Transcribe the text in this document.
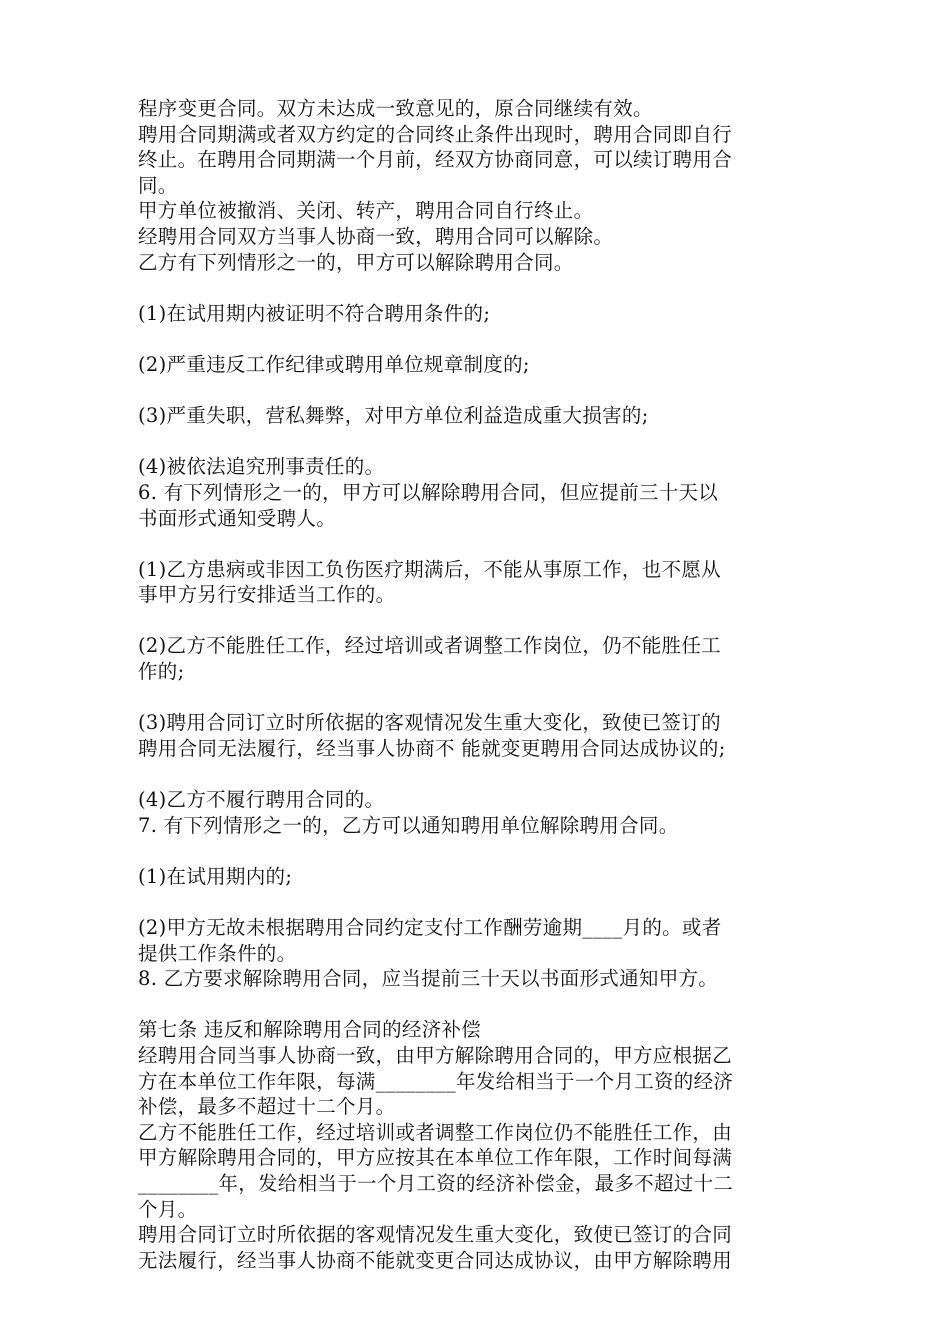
程序变更合同。双方未达成一致意见的，原合同继续有效。
聘用合同期满或者双方约定的合同终止条件出现时，聘用合同即自行
终止。在聘用合同期满一个月前，经双方协商同意，可以续订聘用合
同。
甲方单位被撤消、关闭、转产，聘用合同自行终止。
经聘用合同双方当事人协商一致，聘用合同可以解除。
乙方有下列情形之一的，甲方可以解除聘用合同。
(1)在试用期内被证明不符合聘用条件的;
(2)严重违反工作纪律或聘用单位规章制度的;
(3)严重失职，营私舞弊，对甲方单位利益造成重大损害的;
(4)被依法追究刑事责任的。
6. 有下列情形之一的，甲方可以解除聘用合同，但应提前三十天以
书面形式通知受聘人。
(1)乙方患病或非因工负伤医疗期满后，不能从事原工作，也不愿从
事甲方另行安排适当工作的。
(2)乙方不能胜任工作，经过培训或者调整工作岗位，仍不能胜任工
作的;
(3)聘用合同订立时所依据的客观情况发生重大变化，致使已签订的
聘用合同无法履行，经当事人协商不 能就变更聘用合同达成协议的;
(4)乙方不履行聘用合同的。
7. 有下列情形之一的，乙方可以通知聘用单位解除聘用合同。
(1)在试用期内的;
(2)甲方无故未根据聘用合同约定支付工作酬劳逾期____月的。或者
提供工作条件的。
8. 乙方要求解除聘用合同，应当提前三十天以书面形式通知甲方。
第七条 违反和解除聘用合同的经济补偿
经聘用合同当事人协商一致，由甲方解除聘用合同的，甲方应根据乙
方在本单位工作年限，每满________年发给相当于一个月工资的经济
补偿，最多不超过十二个月。
乙方不能胜任工作，经过培训或者调整工作岗位仍不能胜任工作，由
甲方解除聘用合同的，甲方应按其在本单位工作年限，工作时间每满
________年，发给相当于一个月工资的经济补偿金，最多不超过十二
个月。
聘用合同订立时所依据的客观情况发生重大变化，致使已签订的合同
无法履行，经当事人协商不能就变更合同达成协议，由甲方解除聘用
